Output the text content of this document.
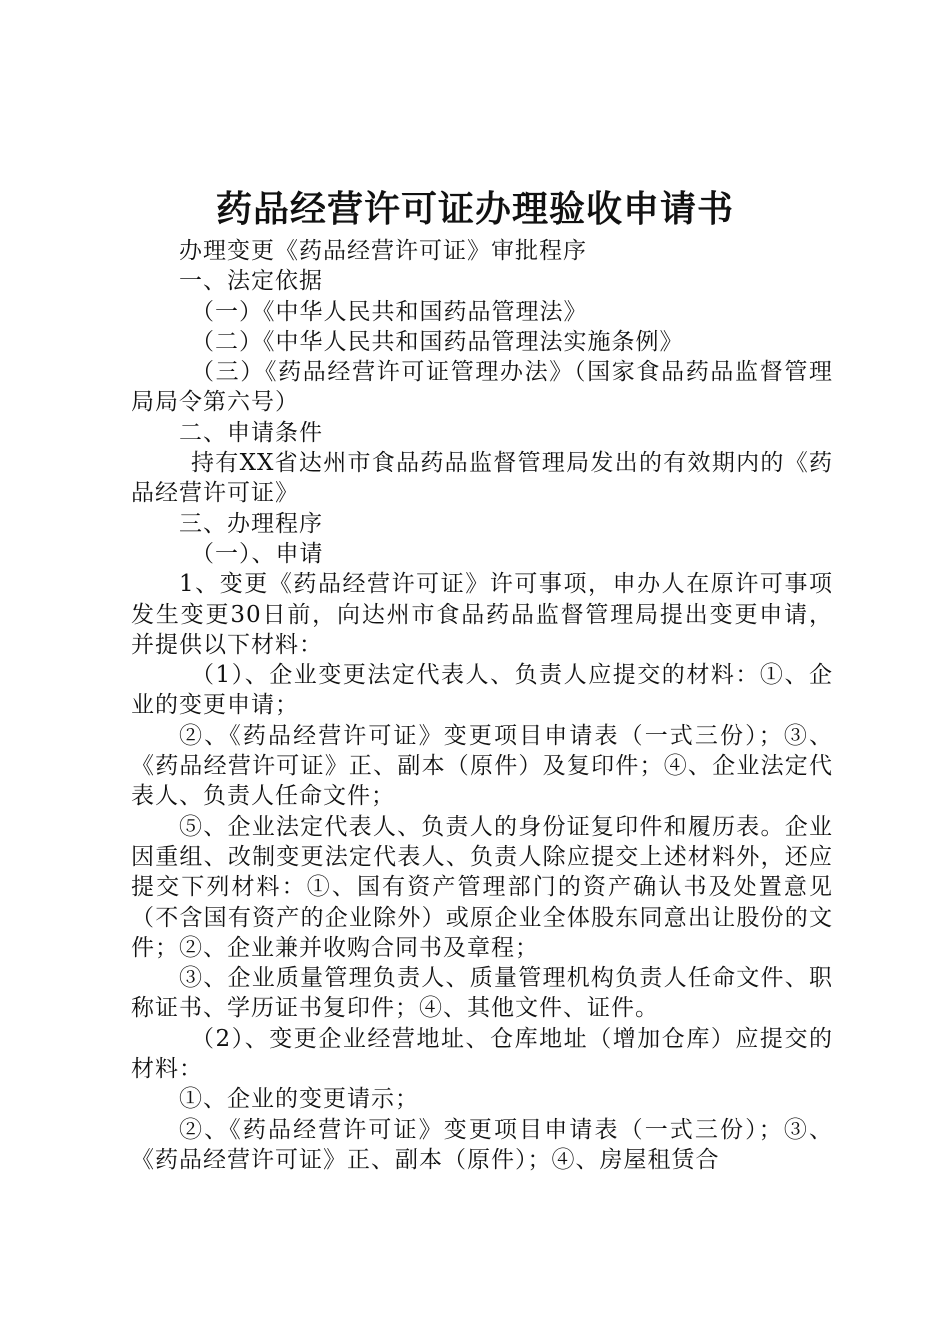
药品经营许可证办理验收申请书

办理变更《药品经营许可证》审批程序

一、法定依据

（一）《中华人民共和国药品管理法》

（二）《中华人民共和国药品管理法实施条例》

（三）《药品经营许可证管理办法》（国家食品药品监督管理局局令第六号）

二、申请条件

持有XX省达州市食品药品监督管理局发出的有效期内的《药品经营许可证》

三、办理程序

（一）、申请

1、变更《药品经营许可证》许可事项，申办人在原许可事项发生变更30日前，向达州市食品药品监督管理局提出变更申请，并提供以下材料：

（1）、企业变更法定代表人、负责人应提交的材料：①、企业的变更申请；

②、《药品经营许可证》变更项目申请表（一式三份）；③、《药品经营许可证》正、副本（原件）及复印件；④、企业法定代表人、负责人任命文件；

⑤、企业法定代表人、负责人的身份证复印件和履历表。企业因重组、改制变更法定代表人、负责人除应提交上述材料外，还应提交下列材料：①、国有资产管理部门的资产确认书及处置意见（不含国有资产的企业除外）或原企业全体股东同意出让股份的文件；②、企业兼并收购合同书及章程；

③、企业质量管理负责人、质量管理机构负责人任命文件、职称证书、学历证书复印件；④、其他文件、证件。

（2）、变更企业经营地址、仓库地址（增加仓库）应提交的材料：

①、企业的变更请示；

②、《药品经营许可证》变更项目申请表（一式三份）；③、《药品经营许可证》正、副本（原件）；④、房屋租赁合
